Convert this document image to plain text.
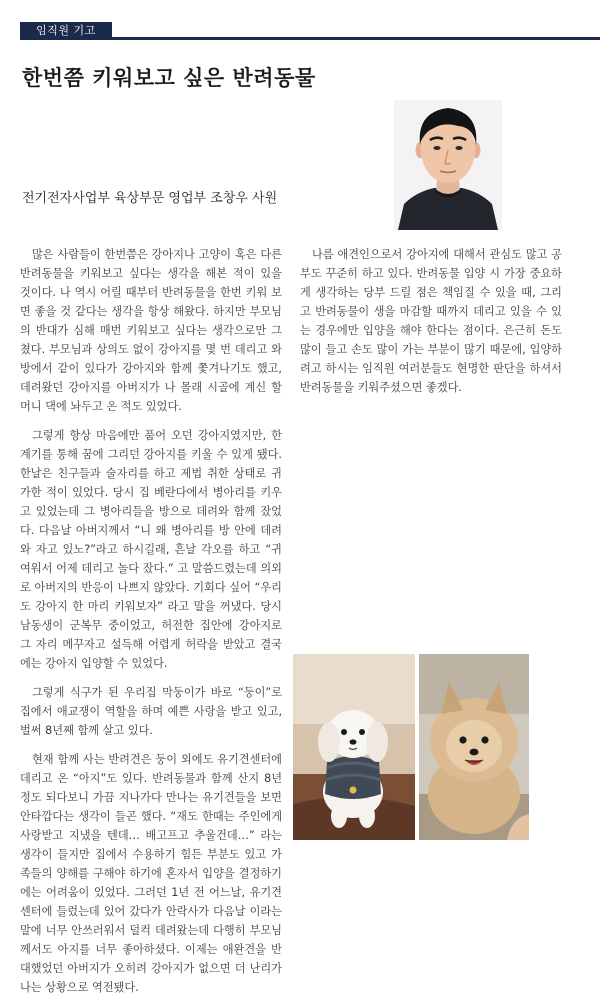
임직원 기고
한번쯤 키워보고 싶은 반려동물
전기전자사업부 육상부문 영업부 조창우 사원

많은 사람들이 한번쯤은 강아지나 고양이 혹은 다른 반려동물을 키워보고 싶다는 생각을 해본 적이 있을 것이다. 나 역시 어릴 때부터 반려동물을 한번 키워 보면 좋을 것 같다는 생각을 항상 해왔다. 하지만 부모님의 반대가 심해 매번 키워보고 싶다는 생각으로만 그쳤다. 부모님과 상의도 없이 강아지를 몇 번 데리고 와 방에서 같이 있다가 강아지와 함께 쫓겨나기도 했고, 데려왔던 강아지를 아버지가 나 몰래 시골에 계신 할머니 댁에 놔두고 온 적도 있었다.

그렇게 항상 마음에만 품어 오던 강아지였지만, 한 계기를 통해 꿈에 그리던 강아지를 키울 수 있게 됐다. 한날은 친구들과 술자리를 하고 제법 취한 상태로 귀가한 적이 있었다. 당시 집 베란다에서 병아리를 키우고 있었는데 그 병아리들을 방으로 데려와 함께 잤었다. 다음날 아버지께서 “니 왜 병아리를 방 안에 데려와 자고 있노?”라고 하시길래, 흔날 각오를 하고 “귀여워서 어제 데리고 놀다 잤다.” 고 말씀드렸는데 의외로 아버지의 반응이 나쁘지 않았다. 기회다 싶어 “우리도 강아지 한 마리 키워보자” 라고 말을 꺼냈다. 당시 남동생이 군복무 중이었고, 허전한 집안에 강아지로 그 자리 메꾸자고 설득해 어렵게 허락을 받았고 결국에는 강아지 입양할 수 있었다.

그렇게 식구가 된 우리집 막둥이가 바로 “둥이”로 집에서 애교쟁이 역할을 하며 예쁜 사랑을 받고 있고, 벌써 8년째 함께 살고 있다.

현재 함께 사는 반려견은 둥이 외에도 유기견센터에 데리고 온 “아지”도 있다. 반려동물과 함께 산지 8년 정도 되다보니 가끔 지나가다 만나는 유기견들을 보면 안타깝다는 생각이 들곤 했다. “재도 한때는 주인에게 사랑받고 지냈을 텐데… 배고프고 추울건데…” 라는 생각이 들지만 집에서 수용하기 힘든 부분도 있고 가족들의 양해를 구해야 하기에 혼자서 입양을 결정하기에는 어려움이 있었다. 그러던 1년 전 어느날, 유기견센터에 들렀는데 있어 갔다가 안락사가 다음날 이라는 말에 너무 안쓰러워서 덜컥 데려왔는데 다행히 부모님께서도 아지를 너무 좋아하셨다. 이제는 애완견을 반대했었던 아버지가 오히려 강아지가 없으면 더 난리가 나는 상황으로 역전됐다.

나름 애견인으로서 강아지에 대해서 관심도 많고 공부도 꾸준히 하고 있다. 반려동물 입양 시 가장 중요하게 생각하는 당부 드릴 점은 책임질 수 있을 때, 그리고 반려동물이 생을 마감할 때까지 데리고 있을 수 있는 경우에만 입양을 해야 한다는 점이다. 은근히 돈도 많이 들고 손도 많이 가는 부분이 많기 때문에, 입양하려고 하시는 임직원 여러분들도 현명한 판단을 하셔서 반려동물을 키워주셨으면 좋겠다.
